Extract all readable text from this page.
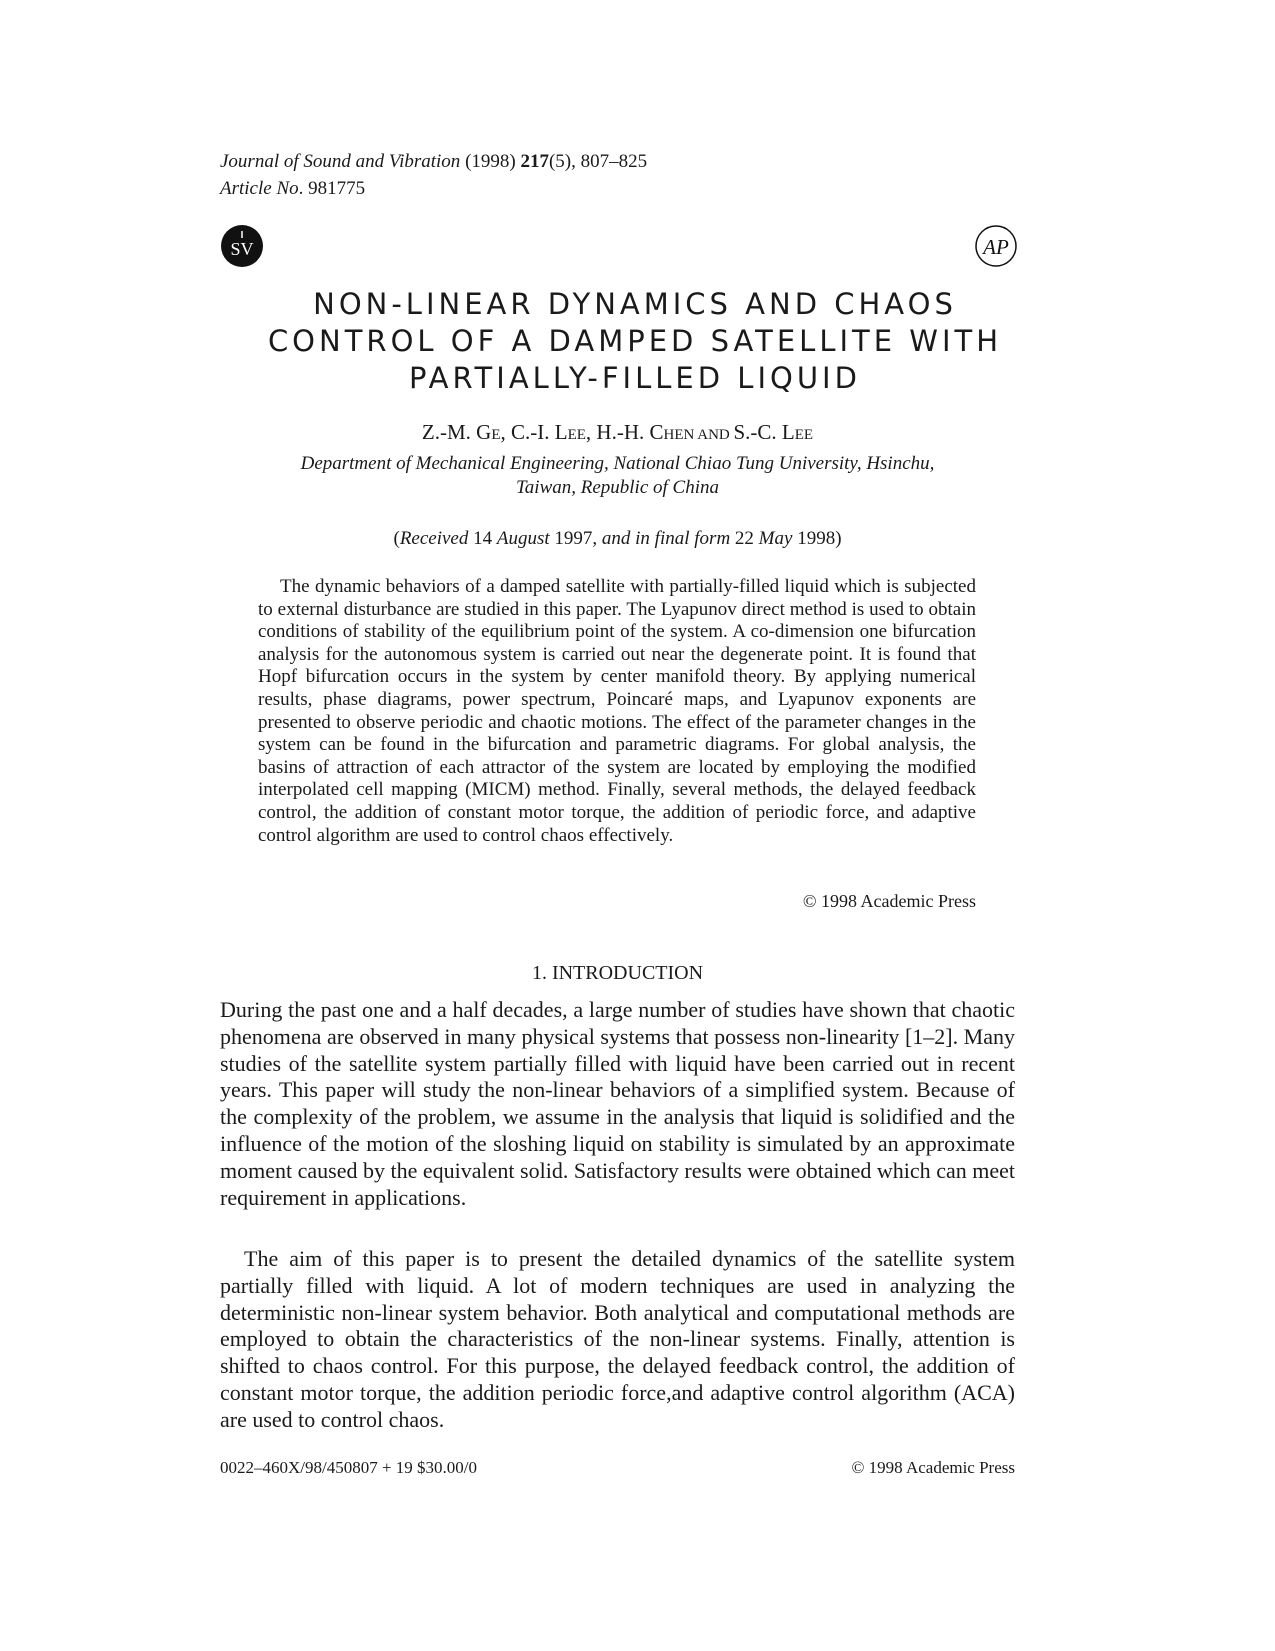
Journal of Sound and Vibration (1998) 217(5), 807–825
Article No. 981775
SV	AP
NON-LINEAR DYNAMICS AND CHAOS
CONTROL OF A DAMPED SATELLITE WITH
PARTIALLY-FILLED LIQUID
Z.-M. GE, C.-I. LEE, H.-H. CHEN AND S.-C. LEE
Department of Mechanical Engineering, National Chiao Tung University, Hsinchu,
Taiwan, Republic of China
(Received 14 August 1997, and in final form 22 May 1998)

The dynamic behaviors of a damped satellite with partially-filled liquid which is subjected to external disturbance are studied in this paper. The Lyapunov direct method is used to obtain conditions of stability of the equilibrium point of the system. A co-dimension one bifurcation analysis for the autonomous system is carried out near the degenerate point. It is found that Hopf bifurcation occurs in the system by center manifold theory. By applying numerical results, phase diagrams, power spectrum, Poincaré maps, and Lyapunov exponents are presented to observe periodic and chaotic motions. The effect of the parameter changes in the system can be found in the bifurcation and parametric diagrams. For global analysis, the basins of attraction of each attractor of the system are located by employing the modified interpolated cell mapping (MICM) method. Finally, several methods, the delayed feedback control, the addition of constant motor torque, the addition of periodic force, and adaptive control algorithm are used to control chaos effectively.

© 1998 Academic Press
1. INTRODUCTION

During the past one and a half decades, a large number of studies have shown that chaotic phenomena are observed in many physical systems that possess non-linearity [1–2]. Many studies of the satellite system partially filled with liquid have been carried out in recent years. This paper will study the non-linear behaviors of a simplified system. Because of the complexity of the problem, we assume in the analysis that liquid is solidified and the influence of the motion of the sloshing liquid on stability is simulated by an approximate moment caused by the equivalent solid. Satisfactory results were obtained which can meet requirement in applications.

The aim of this paper is to present the detailed dynamics of the satellite system partially filled with liquid. A lot of modern techniques are used in analyzing the deterministic non-linear system behavior. Both analytical and computational methods are employed to obtain the characteristics of the non-linear systems. Finally, attention is shifted to chaos control. For this purpose, the delayed feedback control, the addition of constant motor torque, the addition periodic force,and adaptive control algorithm (ACA) are used to control chaos.

0022–460X/98/450807 + 19 $30.00/0	© 1998 Academic Press
